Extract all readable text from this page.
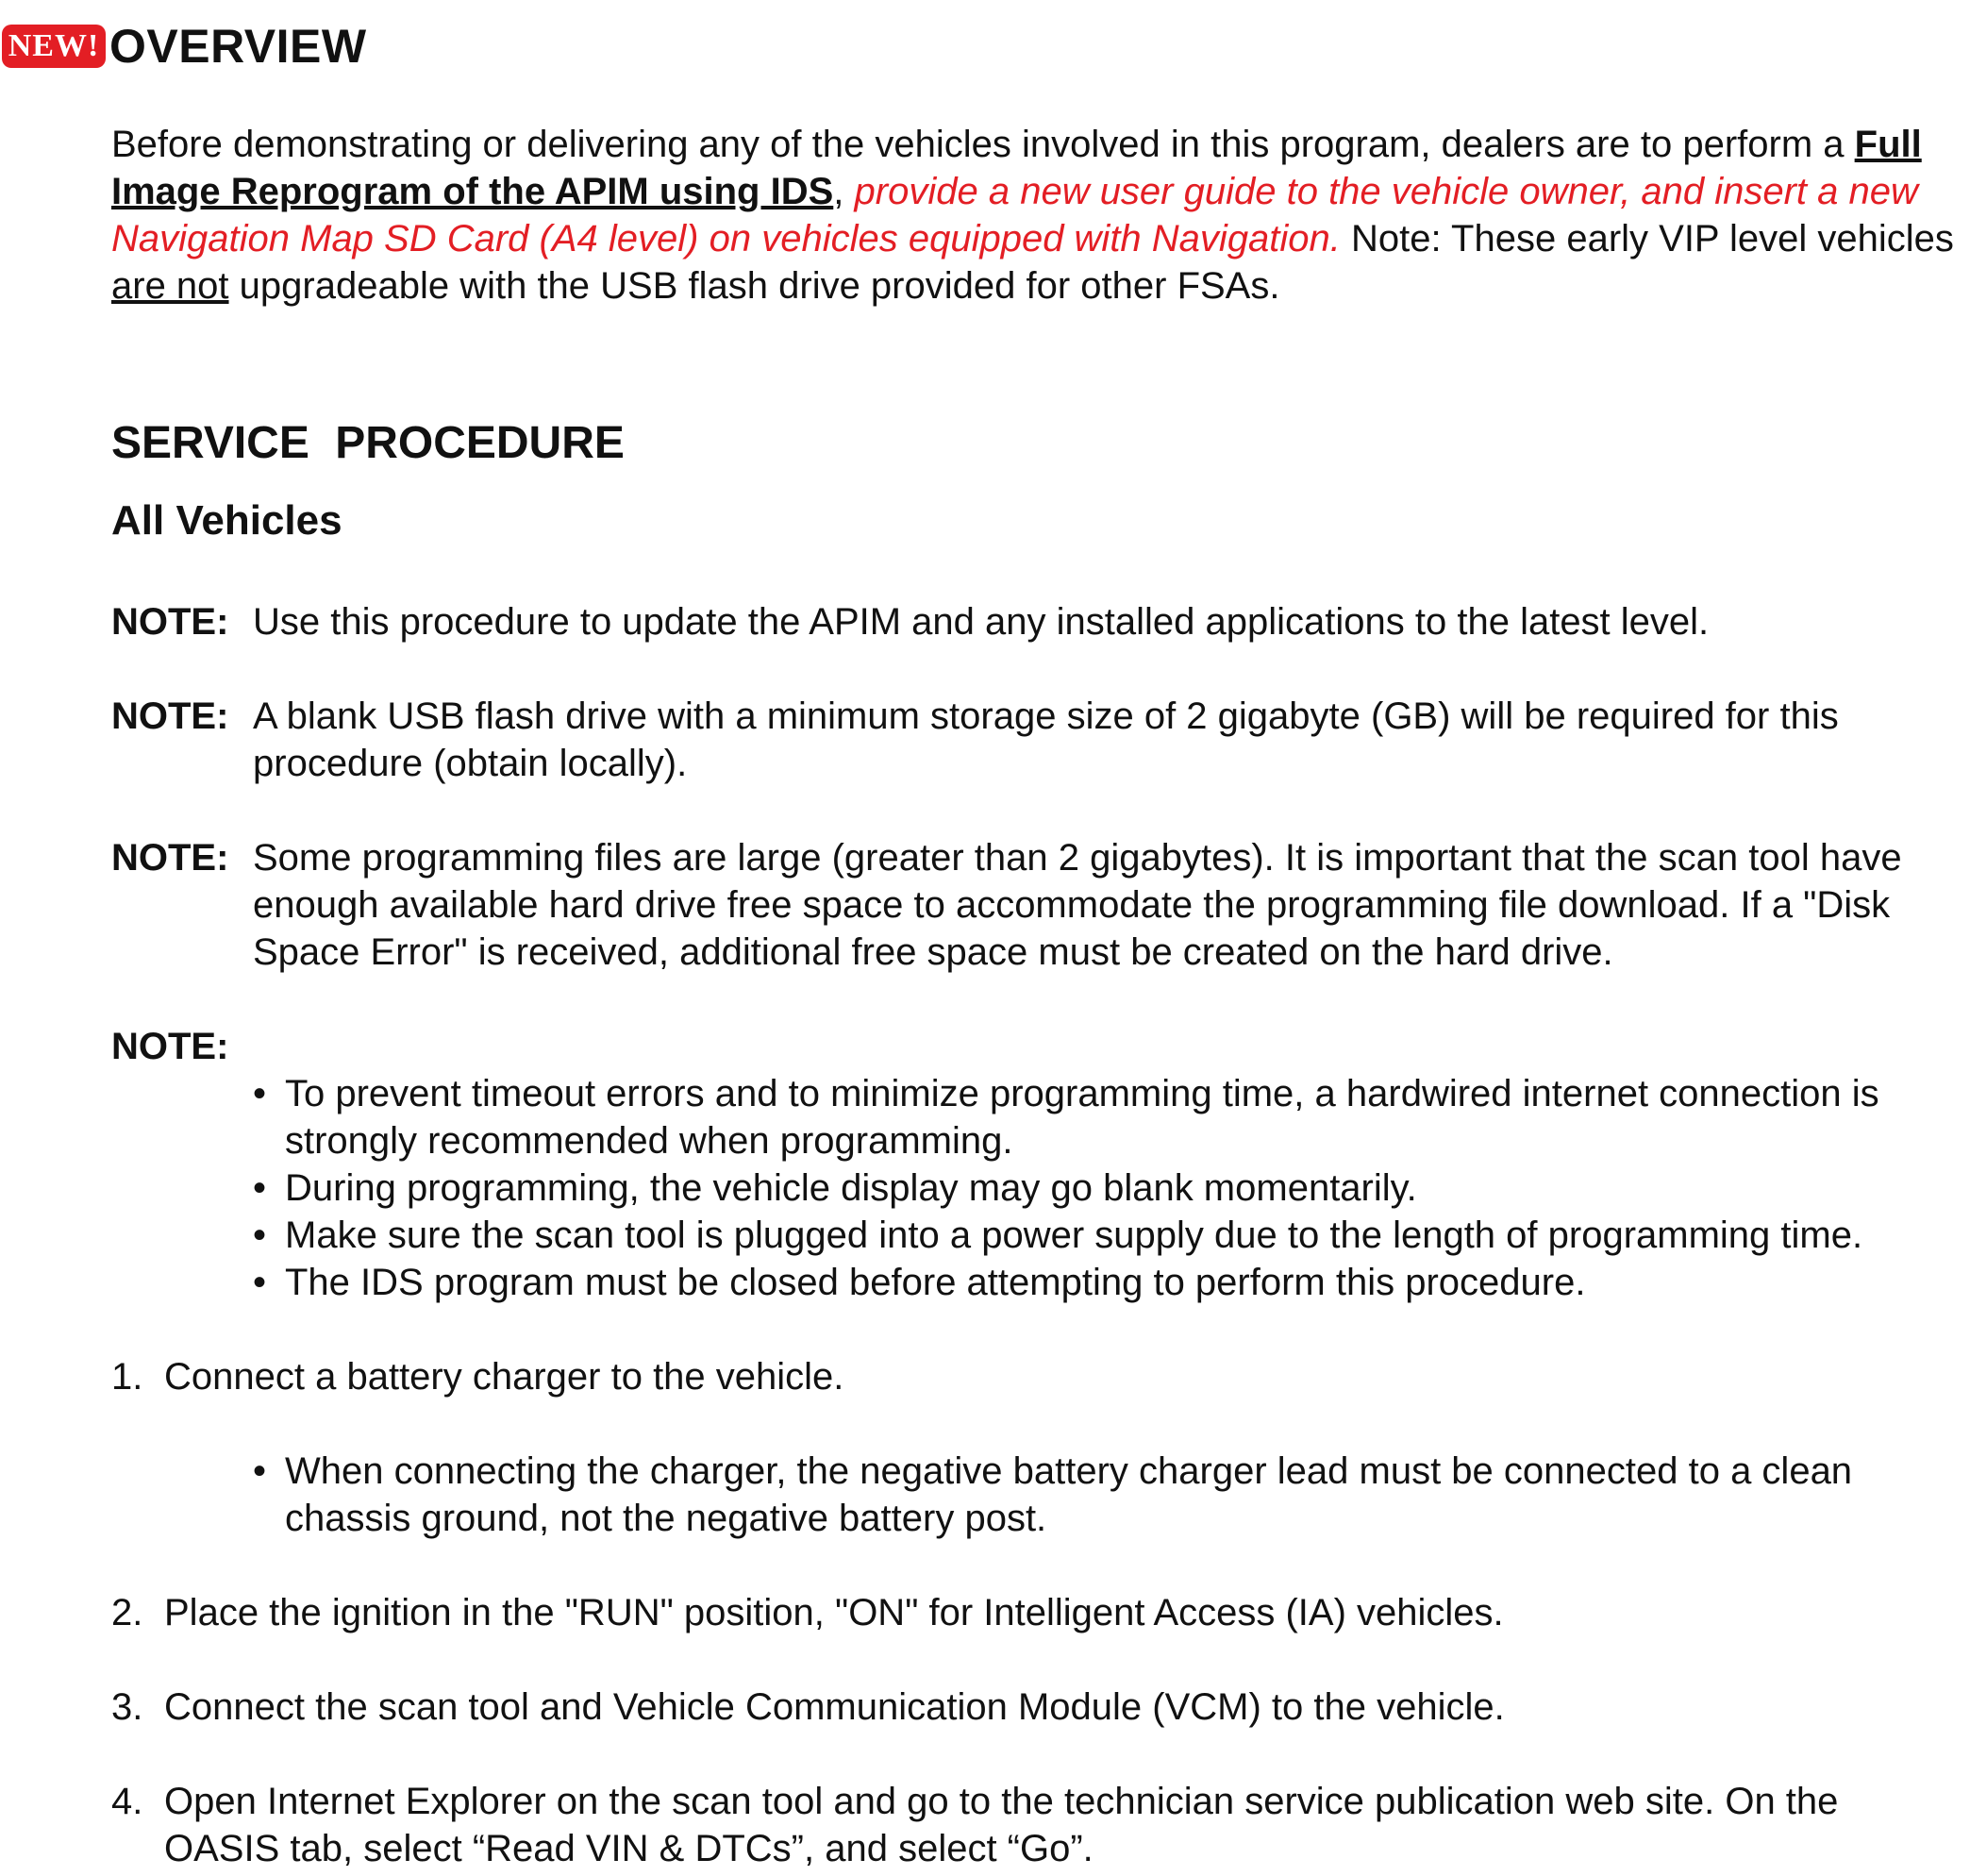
NEW! OVERVIEW
Before demonstrating or delivering any of the vehicles involved in this program, dealers are to perform a Full Image Reprogram of the APIM using IDS, provide a new user guide to the vehicle owner, and insert a new Navigation Map SD Card (A4 level) on vehicles equipped with Navigation. Note: These early VIP level vehicles are not upgradeable with the USB flash drive provided for other FSAs.
SERVICE PROCEDURE
All Vehicles
NOTE: Use this procedure to update the APIM and any installed applications to the latest level.
NOTE: A blank USB flash drive with a minimum storage size of 2 gigabyte (GB) will be required for this procedure (obtain locally).
NOTE: Some programming files are large (greater than 2 gigabytes). It is important that the scan tool have enough available hard drive free space to accommodate the programming file download. If a "Disk Space Error" is received, additional free space must be created on the hard drive.
NOTE:
• To prevent timeout errors and to minimize programming time, a hardwired internet connection is strongly recommended when programming.
• During programming, the vehicle display may go blank momentarily.
• Make sure the scan tool is plugged into a power supply due to the length of programming time.
• The IDS program must be closed before attempting to perform this procedure.
1. Connect a battery charger to the vehicle.
• When connecting the charger, the negative battery charger lead must be connected to a clean chassis ground, not the negative battery post.
2. Place the ignition in the "RUN" position, "ON" for Intelligent Access (IA) vehicles.
3. Connect the scan tool and Vehicle Communication Module (VCM) to the vehicle.
4. Open Internet Explorer on the scan tool and go to the technician service publication web site. On the OASIS tab, select “Read VIN & DTCs”, and select “Go”.
